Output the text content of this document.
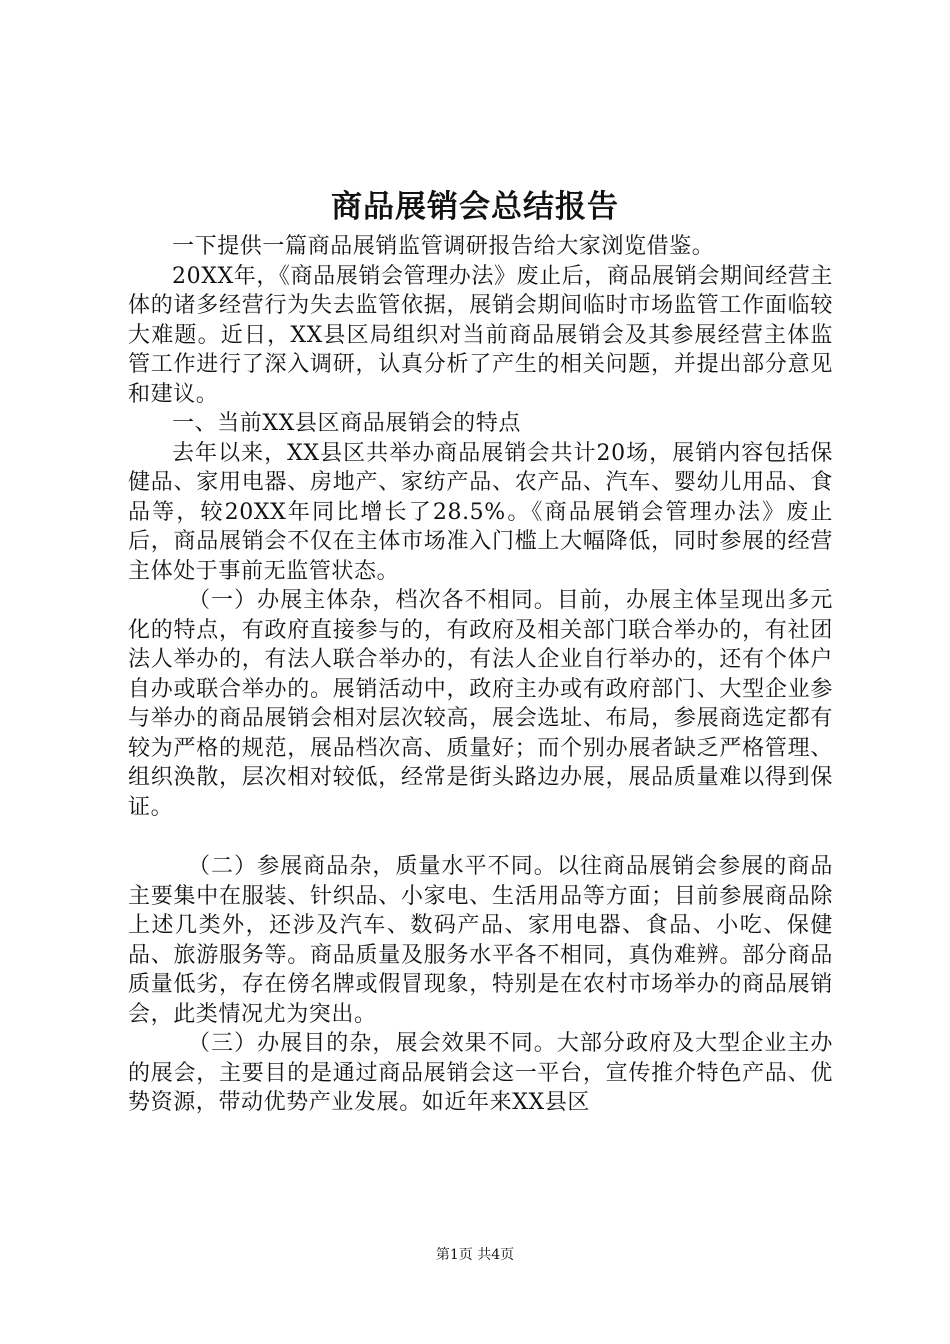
商品展销会总结报告

一下提供一篇商品展销监管调研报告给大家浏览借鉴。

20XX年，《商品展销会管理办法》废止后，商品展销会期间经营主体的诸多经营行为失去监管依据，展销会期间临时市场监管工作面临较大难题。近日，XX县区局组织对当前商品展销会及其参展经营主体监管工作进行了深入调研，认真分析了产生的相关问题，并提出部分意见和建议。

一、当前XX县区商品展销会的特点

去年以来，XX县区共举办商品展销会共计20场，展销内容包括保健品、家用电器、房地产、家纺产品、农产品、汽车、婴幼儿用品、食品等，较20XX年同比增长了28.5%。《商品展销会管理办法》废止后，商品展销会不仅在主体市场准入门槛上大幅降低，同时参展的经营主体处于事前无监管状态。

（一）办展主体杂，档次各不相同。目前，办展主体呈现出多元化的特点，有政府直接参与的，有政府及相关部门联合举办的，有社团法人举办的，有法人联合举办的，有法人企业自行举办的，还有个体户自办或联合举办的。展销活动中，政府主办或有政府部门、大型企业参与举办的商品展销会相对层次较高，展会选址、布局，参展商选定都有较为严格的规范，展品档次高、质量好；而个别办展者缺乏严格管理、组织涣散，层次相对较低，经常是街头路边办展，展品质量难以得到保证。

（二）参展商品杂，质量水平不同。以往商品展销会参展的商品主要集中在服装、针织品、小家电、生活用品等方面；目前参展商品除上述几类外，还涉及汽车、数码产品、家用电器、食品、小吃、保健品、旅游服务等。商品质量及服务水平各不相同，真伪难辨。部分商品质量低劣，存在傍名牌或假冒现象，特别是在农村市场举办的商品展销会，此类情况尤为突出。

（三）办展目的杂，展会效果不同。大部分政府及大型企业主办的展会，主要目的是通过商品展销会这一平台，宣传推介特色产品、优势资源，带动优势产业发展。如近年来XX县区

第1页 共4页
